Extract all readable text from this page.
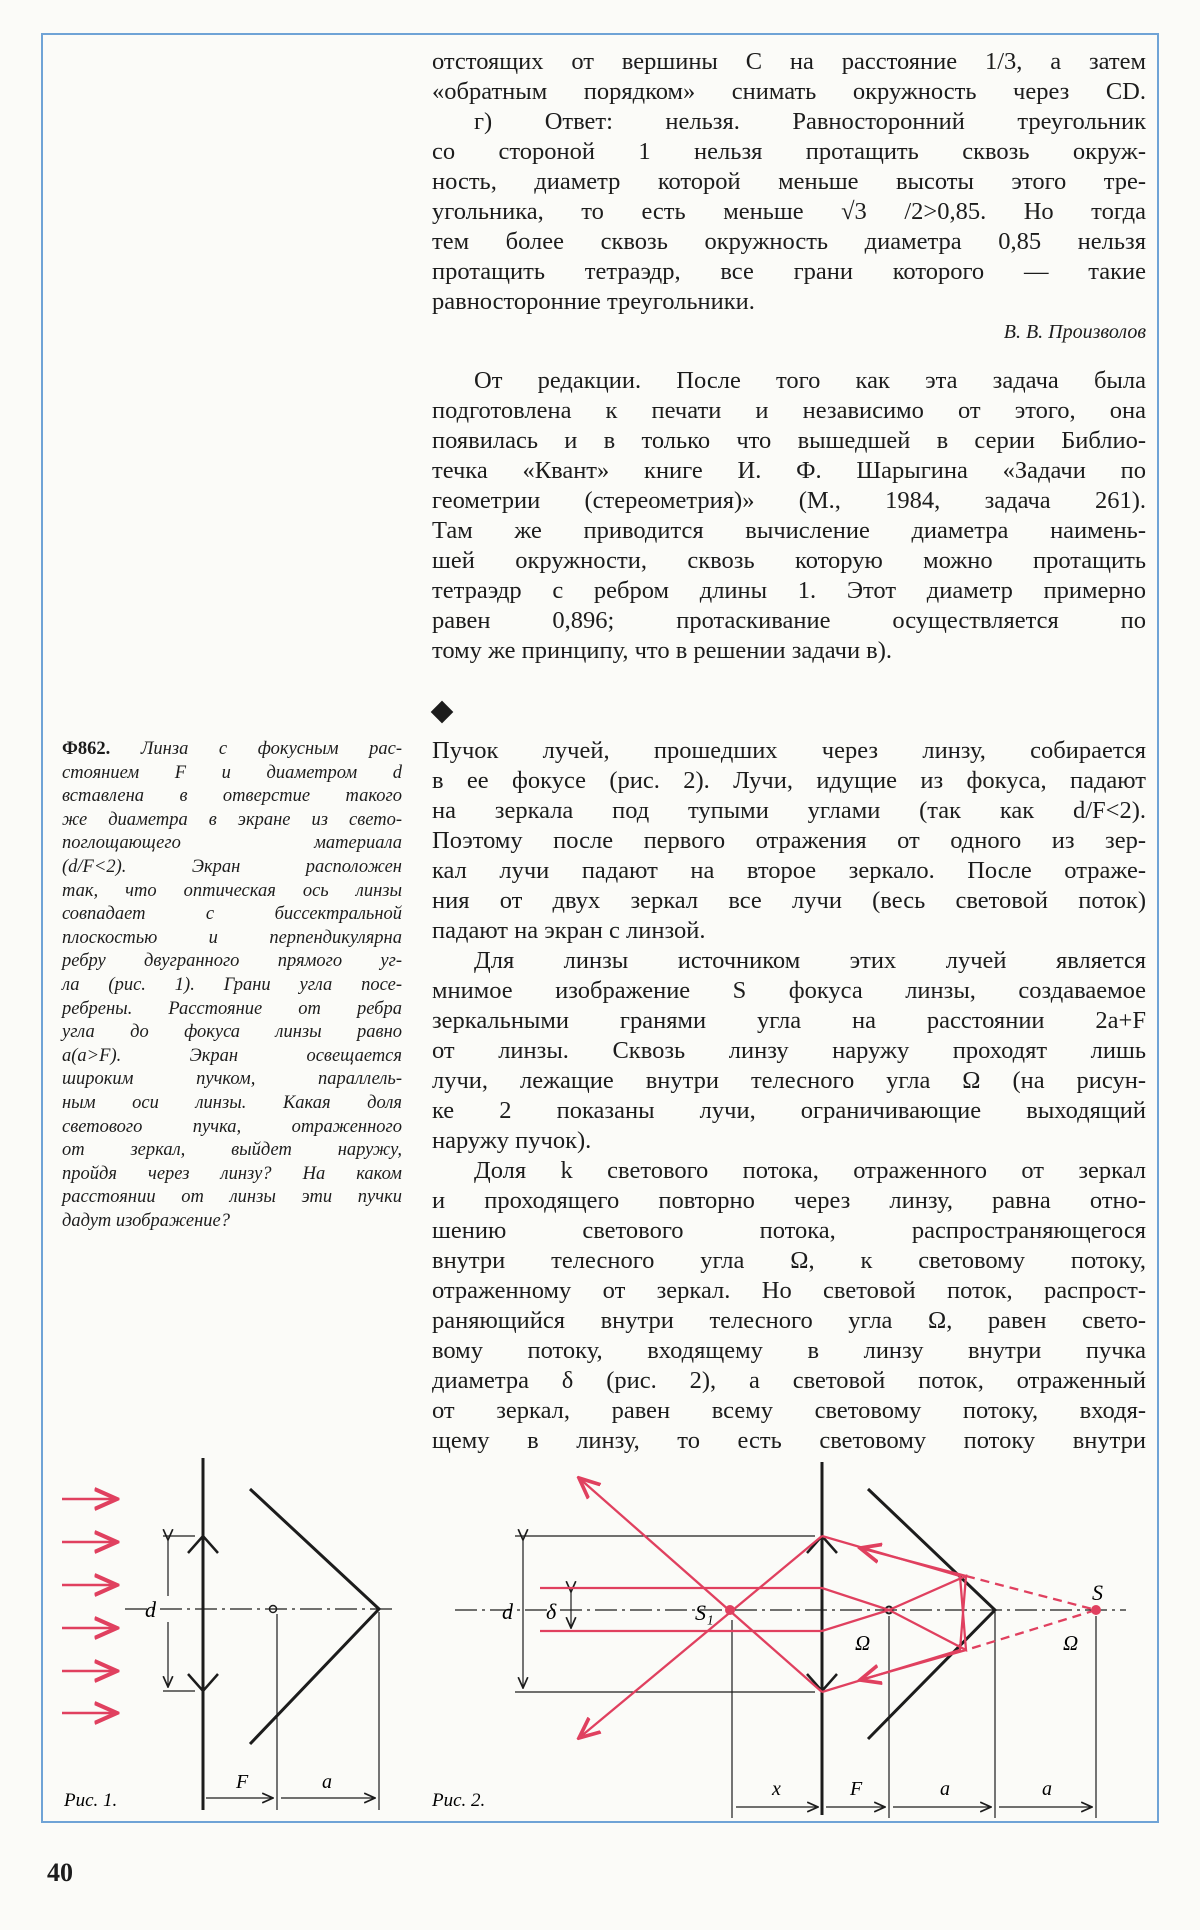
отстоящих от вершины C на расстояние 1/3, а затем
«обратным порядком» снимать окружность через CD.
г) Ответ: нельзя. Равносторонний треугольник
со стороной 1 нельзя протащить сквозь окруж-
ность, диаметр которой меньше высоты этого тре-
угольника, то есть меньше √3 /2>0,85. Но тогда
тем более сквозь окружность диаметра 0,85 нельзя
протащить тетраэдр, все грани которого — такие
равносторонние треугольники.
В. В. Произволов
От редакции. После того как эта задача была
подготовлена к печати и независимо от этого, она
появилась и в только что вышедшей в серии Библио-
течка «Квант» книге И. Ф. Шарыгина «Задачи по
геометрии (стереометрия)» (М., 1984, задача 261).
Там же приводится вычисление диаметра наимень-
шей окружности, сквозь которую можно протащить
тетраэдр с ребром длины 1. Этот диаметр примерно
равен 0,896; протаскивание осуществляется по
тому же принципу, что в решении задачи в).
Пучок лучей, прошедших через линзу, собирается
в ее фокусе (рис. 2). Лучи, идущие из фокуса, падают
на зеркала под тупыми углами (так как d/F<2).
Поэтому после первого отражения от одного из зер-
кал лучи падают на второе зеркало. После отраже-
ния от двух зеркал все лучи (весь световой поток)
падают на экран с линзой.
Для линзы источником этих лучей является
мнимое изображение S фокуса линзы, создаваемое
зеркальными гранями угла на расстоянии 2a+F
от линзы. Сквозь линзу наружу проходят лишь
лучи, лежащие внутри телесного угла Ω (на рисун-
ке 2 показаны лучи, ограничивающие выходящий
наружу пучок).
Доля k светового потока, отраженного от зеркал
и проходящего повторно через линзу, равна отно-
шению светового потока, распространяющегося
внутри телесного угла Ω, к световому потоку,
отраженному от зеркал. Но световой поток, распрост-
раняющийся внутри телесного угла Ω, равен свето-
вому потоку, входящему в линзу внутри пучка
диаметра δ (рис. 2), а световой поток, отраженный
от зеркал, равен всему световому потоку, входя-
щему в линзу, то есть световому потоку внутри
Ф862. Линза с фокусным рас-
стоянием F и диаметром d
вставлена в отверстие такого
же диаметра в экране из свето-
поглощающего материала
(d/F<2). Экран расположен
так, что оптическая ось линзы
совпадает с биссектральной
плоскостью и перпендикулярна
ребру двугранного прямого уг-
ла (рис. 1). Грани угла посе-
ребрены. Расстояние от ребра
угла до фокуса линзы равно
a(a>F). Экран освещается
широким пучком, параллель-
ным оси линзы. Какая доля
светового пучка, отраженного
от зеркал, выйдет наружу,
пройдя через линзу? На каком
расстоянии от линзы эти пучки
дадут изображение?
d
F	a
Рис. 1.
d δ	S₁
S
Ω	Ω
x	F	a	a
Рис. 2.
40
